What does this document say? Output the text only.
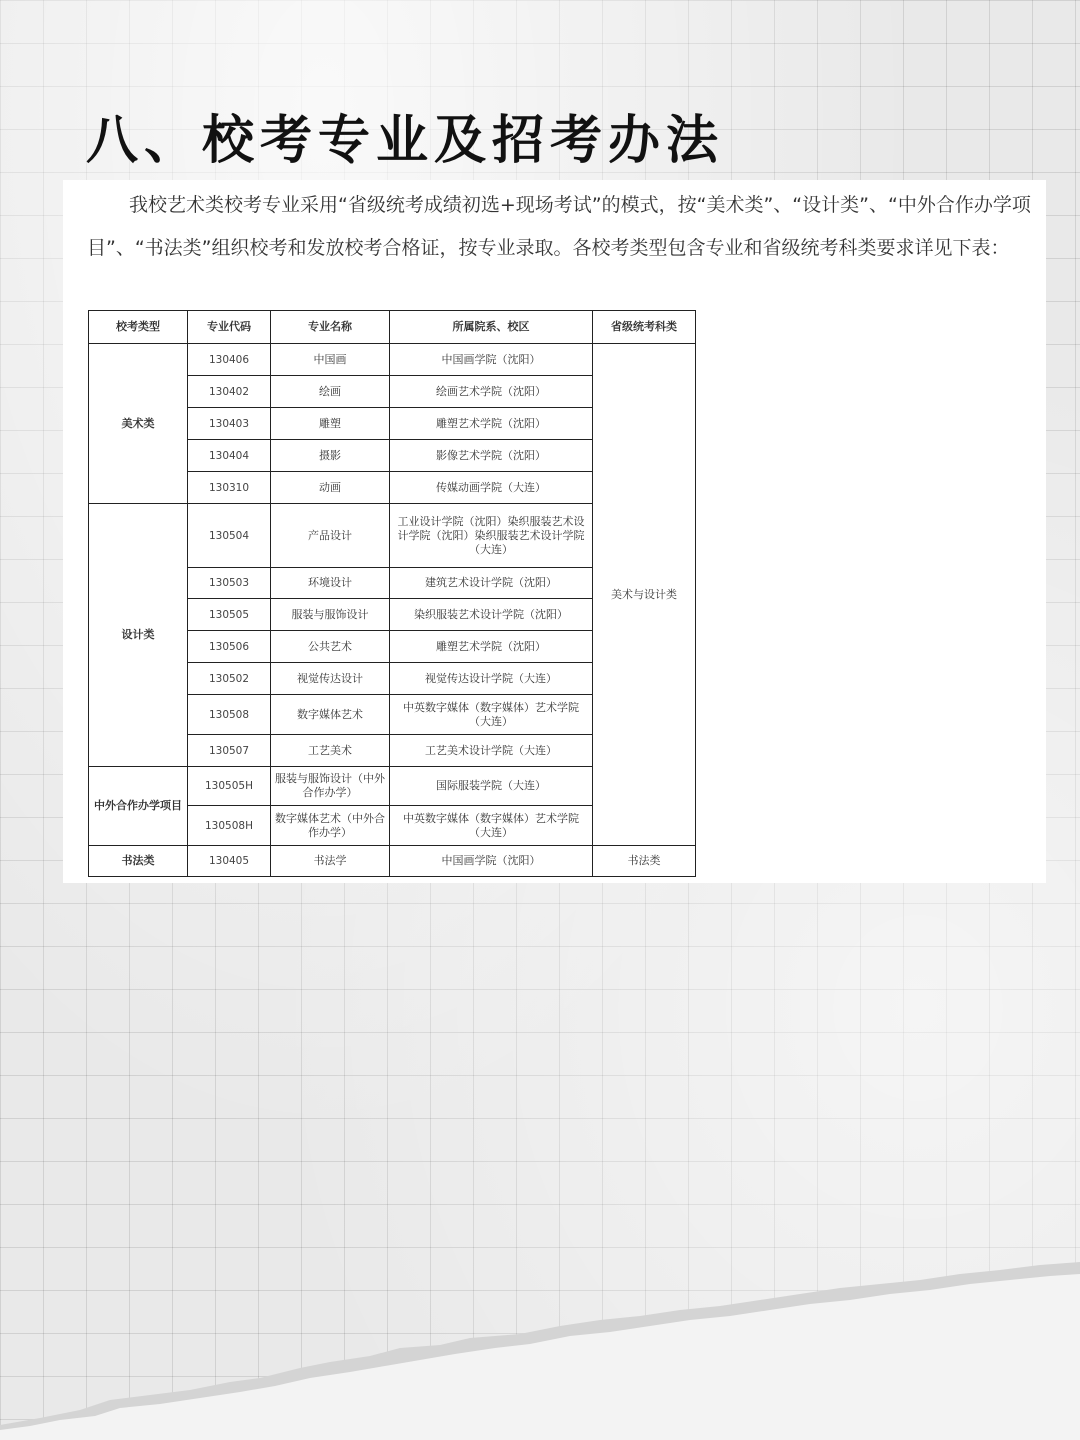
八、校考专业及招考办法

我校艺术类校考专业采用“省级统考成绩初选+现场考试”的模式，按“美术类”、“设计类”、“中外合作办学项目”、“书法类”组织校考和发放校考合格证，按专业录取。各校考类型包含专业和省级统考科类要求详见下表：

校考类型	专业代码	专业名称	所属院系、校区	省级统考科类
美术类	130406	中国画	中国画学院（沈阳）	美术与设计类
	130402	绘画	绘画艺术学院（沈阳）	
	130403	雕塑	雕塑艺术学院（沈阳）	
	130404	摄影	影像艺术学院（沈阳）	
	130310	动画	传媒动画学院（大连）	
设计类	130504	产品设计	工业设计学院（沈阳）染织服装艺术设计学院（沈阳）染织服装艺术设计学院（大连）	
	130503	环境设计	建筑艺术设计学院（沈阳）	
	130505	服装与服饰设计	染织服装艺术设计学院（沈阳）	
	130506	公共艺术	雕塑艺术学院（沈阳）	
	130502	视觉传达设计	视觉传达设计学院（大连）	
	130508	数字媒体艺术	中英数字媒体（数字媒体）艺术学院（大连）	
	130507	工艺美术	工艺美术设计学院（大连）	
中外合作办学项目	130505H	服装与服饰设计（中外合作办学）	国际服装学院（大连）	
	130508H	数字媒体艺术（中外合作办学）	中英数字媒体（数字媒体）艺术学院（大连）	
书法类	130405	书法学	中国画学院（沈阳）	书法类
